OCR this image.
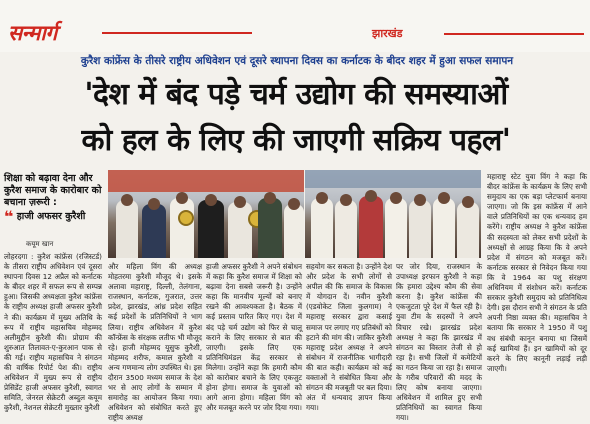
सन्मार्ग	झारखंड
कुरैश कांफ्रेंस के तीसरे राष्ट्रीय अधिवेशन एवं दूसरे स्थापना दिवस का कर्नाटक के बीदर शहर में हुआ सफल समापन
'देश में बंद पड़े चर्म उद्योग की समस्याओं
को हल के लिए की जाएगी सक्रिय पहल'
शिक्षा को बढ़ावा देना और कुरैश समाज के कारोबार को बचाना ज़रूरी :
❝ हाजी अफसर कुरैशी
कयूम खान
लोहरदगा : कुरैश कांफ्रेंस (रजिस्टर्ड) के तीसरा राष्ट्रीय अधिवेशन एवं दूसरा स्थापना दिवस 12 अप्रैल को कर्नाटक के बीदर शहर में सफल रूप से सम्पन्न हुआ। जिसकी अध्यक्षता कुरैश कांफ्रेंस के राष्ट्रीय अध्यक्ष हाजी अफसर कुरैशी ने की। कार्यक्रम में मुख्य अतिथि के रूप में राष्ट्रीय महासचिव मोहम्मद अलीमुद्दीन कुरैशी की। प्रोग्राम की शुरुआत तिलावत-ए-कुरआन पाक से की गई। राष्ट्रीय महासचिव ने संगठन की वार्षिक रिपोर्ट पेश की। राष्ट्रीय अधिवेशन में मुख्य रूप से राष्ट्रीय प्रेसिडेंट हाजी अफसर कुरैशी, स्वागत समिति, जेनरल सेक्रेटरी अब्दुल कयूम कुरैशी, नेशनल सेक्रेटरी मुख्तार कुरैशी
और महिला विंग की अध्यक्ष मोहतरमा कुरैशी मौजूद थे। इसके अलावा महाराष्ट्र, दिल्ली, तेलंगाना, राजस्थान, कर्नाटक, गुजरात, उत्तर प्रदेश, झारखंड, आंध्र प्रदेश सहित कई प्रदेशों के प्रतिनिधियों ने भाग लिया। राष्ट्रीय अधिवेशन में कुरैश कॉन्फ्रेंस के संरक्षक लतीफ भी मौजूद रहे। हाजी मोहम्मद यूसुफ कुरैशी, मोहम्मद शरीफ, कमाल कुरैशी व अन्य गणमान्य लोग उपस्थित थे। इस दौरान 3500 मध्यम समाज के देश भर से आए लोगों के सम्मान में समारोह का आयोजन किया गया। अधिवेशन को संबोधित करते हुए राष्ट्रीय अध्यक्ष
हाजी अफसर कुरैशी ने अपने संबोधन में कहा कि कुरैश समाज में शिक्षा को बढ़ावा देना सबसे जरूरी है। उन्होंने कहा कि मानवीय मूल्यों को बनाए रखने की आवश्यकता है। बैठक में कई प्रस्ताव पारित किए गए। देश में बंद पड़े चर्म उद्योग को फिर से चालू कराने के लिए सरकार से बात की जाएगी। इसके लिए एक प्रतिनिधिमंडल केंद्र सरकार से मिलेगा। उन्होंने कहा कि हमारी कौम को कारोबार बचाने के लिए एकजुट होना होगा। समाज के युवाओं को आगे आना होगा। महिला विंग को और मजबूत करने पर जोर दिया गया।
सहयोग कर सकता है। उन्होंने देश और प्रदेश के सभी लोगों से अपील की कि समाज के विकास में योगदान दें। नवीन कुरैशी (एडवोकेट जिला कुलगाम) ने महाराष्ट्र सरकार द्वारा कसाई समाज पर लगाए गए प्रतिबंधों को हटाने की मांग की। जाकिर कुरैशी महाराष्ट्र प्रदेश अध्यक्ष ने अपने संबोधन में राजनीतिक भागीदारी की बात कही। कार्यक्रम को कई वक्ताओं ने संबोधित किया और संगठन की मजबूती पर बल दिया। अंत में धन्यवाद ज्ञापन किया गया।
पर जोर दिया, राजस्थान के उपाध्यक्ष इरफान कुरैशी ने कहा कि हमारा उद्देश्य कौम की सेवा करना है। कुरैश कांफ्रेंस की एकजुटता पूरे देश में फैल रही है। युवा टीम के सदस्यों ने अपने विचार रखे। झारखंड प्रदेश अध्यक्ष ने कहा कि झारखंड में संगठन का विस्तार तेजी से हो रहा है। सभी जिलों में कमेटियों का गठन किया जा रहा है। समाज के गरीब परिवारों की मदद के लिए कोष बनाया जाएगा। अधिवेशन में शामिल हुए सभी प्रतिनिधियों का स्वागत किया गया।
महाराष्ट्र स्टेट युवा विंग ने कहा कि बीदर कांफ्रेंस के कार्यक्रम के लिए सभी समुदाय का एक बड़ा प्लेटफार्म बनाया जाएगा। जो कि इस कांफ्रेंस में आने वाले प्रतिनिधियों का एक धन्यवाद हम करेंगे। राष्ट्रीय अध्यक्ष ने कुरैश कांफ्रेंस की सदस्यता को लेकर सभी प्रदेशों के अध्यक्षों से आग्रह किया कि वे अपने प्रदेश में संगठन को मजबूत करें। कर्नाटक सरकार से निवेदन किया गया कि वे 1964 का पशु संरक्षण अधिनियम में संशोधन करें। कर्नाटक सरकार कुरैशी समुदाय को प्रतिनिधित्व देगी। इस दौरान सभी ने संगठन के प्रति अपनी निष्ठा व्यक्त की। महासचिव ने बताया कि सरकार ने 1950 में पशु वध संबंधी कानून बनाया था जिसमें कई खामियां हैं। इन खामियों को दूर करने के लिए कानूनी लड़ाई लड़ी जाएगी।
